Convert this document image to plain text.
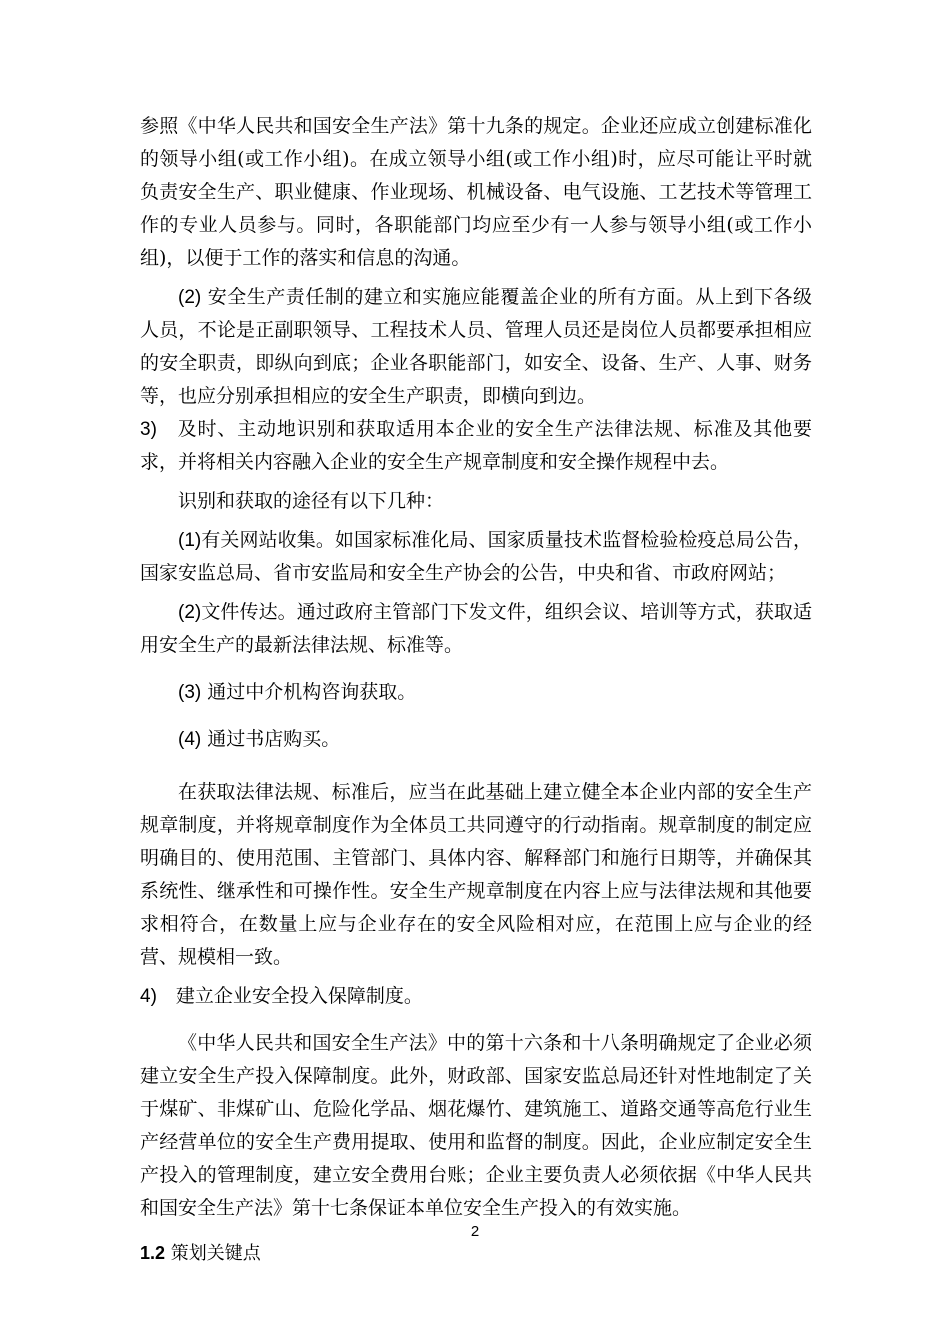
参照《中华人民共和国安全生产法》第十九条的规定。企业还应成立创建标准化的领导小组(或工作小组)。在成立领导小组(或工作小组)时，应尽可能让平时就负责安全生产、职业健康、作业现场、机械设备、电气设施、工艺技术等管理工作的专业人员参与。同时，各职能部门均应至少有一人参与领导小组(或工作小组)，以便于工作的落实和信息的沟通。

(2) 安全生产责任制的建立和实施应能覆盖企业的所有方面。从上到下各级人员，不论是正副职领导、工程技术人员、管理人员还是岗位人员都要承担相应的安全职责，即纵向到底；企业各职能部门，如安全、设备、生产、人事、财务等，也应分别承担相应的安全生产职责，即横向到边。

3)　及时、主动地识别和获取适用本企业的安全生产法律法规、标准及其他要求，并将相关内容融入企业的安全生产规章制度和安全操作规程中去。

识别和获取的途径有以下几种：

(1)有关网站收集。如国家标准化局、国家质量技术监督检验检疫总局公告，国家安监总局、省市安监局和安全生产协会的公告，中央和省、市政府网站；

(2)文件传达。通过政府主管部门下发文件，组织会议、培训等方式，获取适用安全生产的最新法律法规、标准等。

(3) 通过中介机构咨询获取。

(4) 通过书店购买。

在获取法律法规、标准后，应当在此基础上建立健全本企业内部的安全生产规章制度，并将规章制度作为全体员工共同遵守的行动指南。规章制度的制定应明确目的、使用范围、主管部门、具体内容、解释部门和施行日期等，并确保其系统性、继承性和可操作性。安全生产规章制度在内容上应与法律法规和其他要求相符合，在数量上应与企业存在的安全风险相对应，在范围上应与企业的经营、规模相一致。

4)　建立企业安全投入保障制度。

《中华人民共和国安全生产法》中的第十六条和十八条明确规定了企业必须建立安全生产投入保障制度。此外，财政部、国家安监总局还针对性地制定了关于煤矿、非煤矿山、危险化学品、烟花爆竹、建筑施工、道路交通等高危行业生产经营单位的安全生产费用提取、使用和监督的制度。因此，企业应制定安全生产投入的管理制度，建立安全费用台账；企业主要负责人必须依据《中华人民共和国安全生产法》第十七条保证本单位安全生产投入的有效实施。

1.2 策划关键点

2
